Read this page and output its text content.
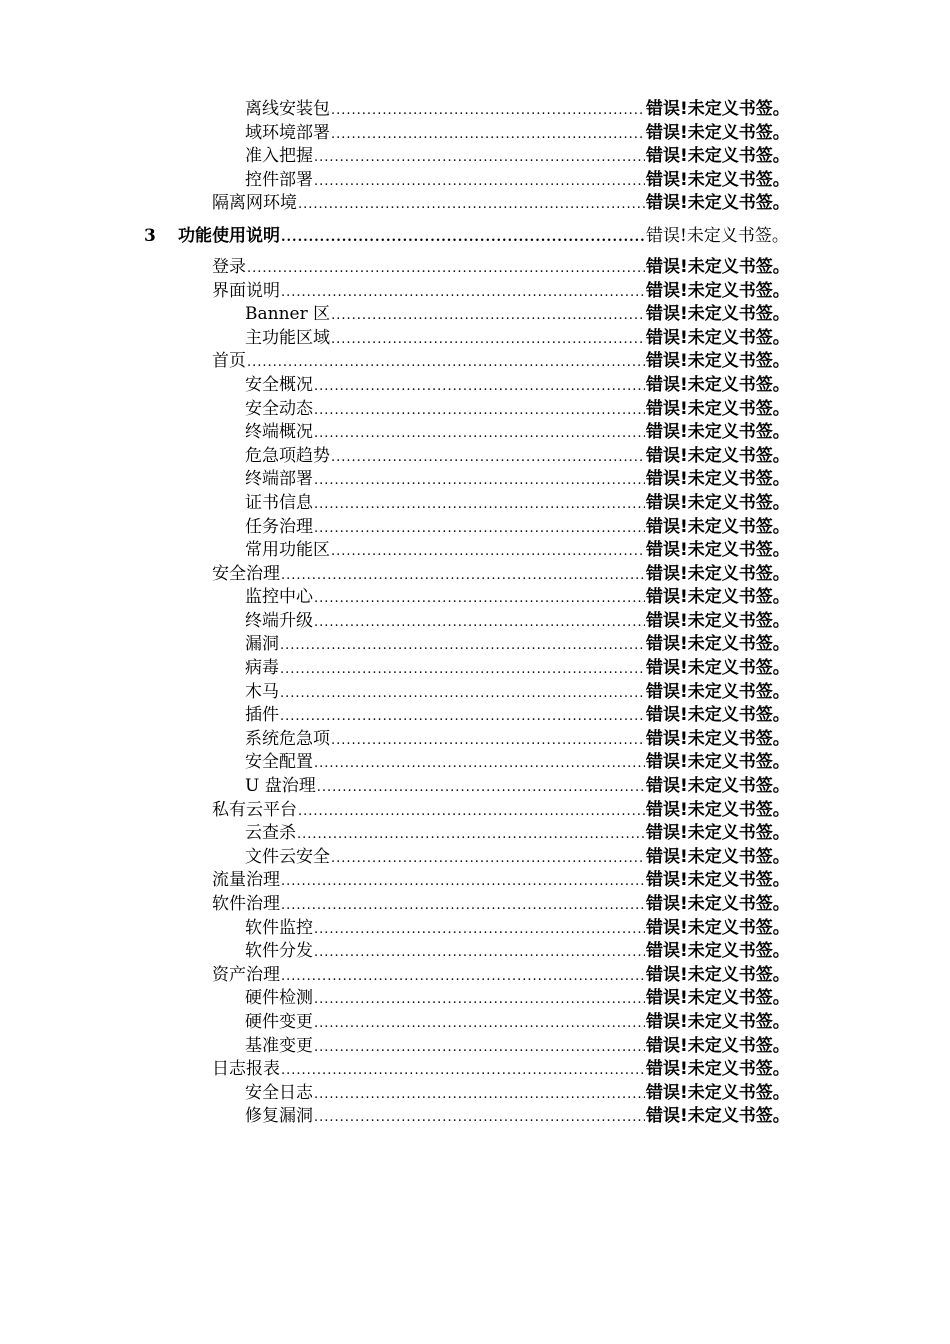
离线安装包 .....	错误!未定义书签。
域环境部署 .....	错误!未定义书签。
准入把握 .....	错误!未定义书签。
控件部署 .....	错误!未定义书签。
隔离网环境 .....	错误!未定义书签。
3 功能使用说明 .....	错误!未定义书签。
登录 .....	错误!未定义书签。
界面说明 .....	错误!未定义书签。
Banner 区 .....	错误!未定义书签。
主功能区域 .....	错误!未定义书签。
首页 .....	错误!未定义书签。
安全概况 .....	错误!未定义书签。
安全动态 .....	错误!未定义书签。
终端概况 .....	错误!未定义书签。
危急项趋势 .....	错误!未定义书签。
终端部署 .....	错误!未定义书签。
证书信息 .....	错误!未定义书签。
任务治理 .....	错误!未定义书签。
常用功能区 .....	错误!未定义书签。
安全治理 .....	错误!未定义书签。
监控中心 .....	错误!未定义书签。
终端升级 .....	错误!未定义书签。
漏洞 .....	错误!未定义书签。
病毒 .....	错误!未定义书签。
木马 .....	错误!未定义书签。
插件 .....	错误!未定义书签。
系统危急项 .....	错误!未定义书签。
安全配置 .....	错误!未定义书签。
U 盘治理 .....	错误!未定义书签。
私有云平台 .....	错误!未定义书签。
云查杀 .....	错误!未定义书签。
文件云安全 .....	错误!未定义书签。
流量治理 .....	错误!未定义书签。
软件治理 .....	错误!未定义书签。
软件监控 .....	错误!未定义书签。
软件分发 .....	错误!未定义书签。
资产治理 .....	错误!未定义书签。
硬件检测 .....	错误!未定义书签。
硬件变更 .....	错误!未定义书签。
基准变更 .....	错误!未定义书签。
日志报表 .....	错误!未定义书签。
安全日志 .....	错误!未定义书签。
修复漏洞 .....	错误!未定义书签。
